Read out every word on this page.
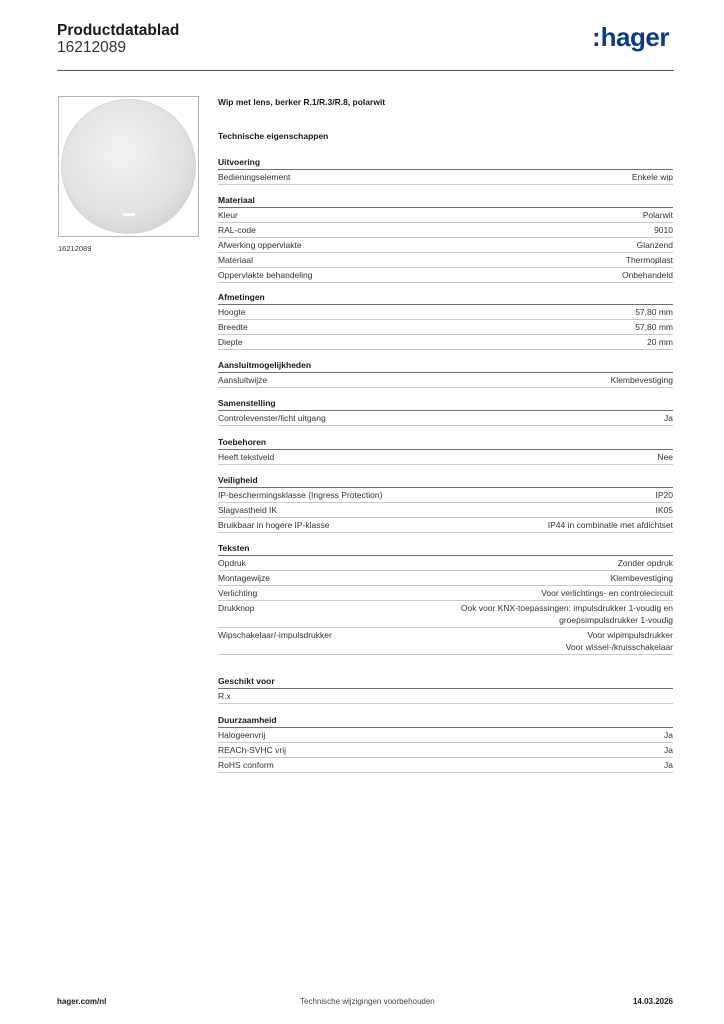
Productdatablad
16212089	:hager
16212089
Wip met lens, berker R.1/R.3/R.8, polarwit
Technische eigenschappen
Uitvoering
Bedieningselement	Enkele wip
Materiaal
Kleur	Polarwit
RAL-code	9010
Afwerking oppervlakte	Glanzend
Materiaal	Thermoplast
Oppervlakte behandeling	Onbehandeld
Afmetingen
Hoogte	57,80 mm
Breedte	57,80 mm
Diepte	20 mm
Aansluitmogelijkheden
Aansluitwijze	Klembevestiging
Samenstelling
Controlevenster/licht uitgang	Ja
Toebehoren
Heeft tekstveld	Nee
Veiligheid
IP-beschermingsklasse (Ingress Protection)	IP20
Slagvastheid IK	IK05
Bruikbaar in hogere IP-klasse	IP44 in combinatie met afdichtset
Teksten
Opdruk	Zonder opdruk
Montagewijze	Klembevestiging
Verlichting	Voor verlichtings- en controlecircuit
Drukknop	Ook voor KNX-toepassingen: impulsdrukker 1-voudig en
groepsimpulsdrukker 1-voudig
Wipschakelaar/-impulsdrukker	Voor wipimpulsdrukker
Voor wissel-/kruisschakelaar
Geschikt voor
R.x
Duurzaamheid
Halogeenvrij	Ja
REACh-SVHC vrij	Ja
RoHS conform	Ja
hager.com/nl	Technische wijzigingen voorbehouden	14.03.2026
